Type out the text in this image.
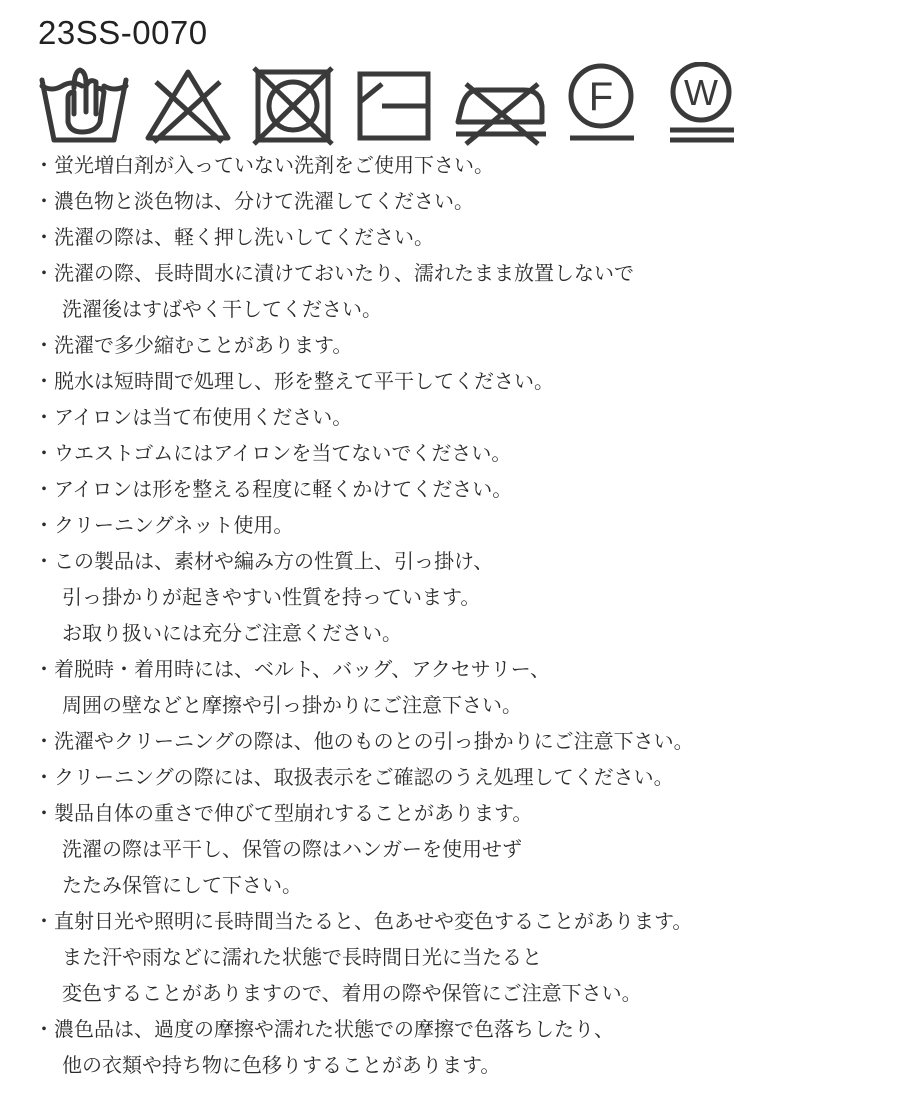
23SS-0070
F W
・蛍光増白剤が入っていない洗剤をご使用下さい。
・濃色物と淡色物は、分けて洗濯してください。
・洗濯の際は、軽く押し洗いしてください。
・洗濯の際、長時間水に漬けておいたり、濡れたまま放置しないで
洗濯後はすばやく干してください。
・洗濯で多少縮むことがあります。
・脱水は短時間で処理し、形を整えて平干してください。
・アイロンは当て布使用ください。
・ウエストゴムにはアイロンを当てないでください。
・アイロンは形を整える程度に軽くかけてください。
・クリーニングネット使用。
・この製品は、素材や編み方の性質上、引っ掛け、
引っ掛かりが起きやすい性質を持っています。
お取り扱いには充分ご注意ください。
・着脱時・着用時には、ベルト、バッグ、アクセサリー、
周囲の壁などと摩擦や引っ掛かりにご注意下さい。
・洗濯やクリーニングの際は、他のものとの引っ掛かりにご注意下さい。
・クリーニングの際には、取扱表示をご確認のうえ処理してください。
・製品自体の重さで伸びて型崩れすることがあります。
洗濯の際は平干し、保管の際はハンガーを使用せず
たたみ保管にして下さい。
・直射日光や照明に長時間当たると、色あせや変色することがあります。
また汗や雨などに濡れた状態で長時間日光に当たると
変色することがありますので、着用の際や保管にご注意下さい。
・濃色品は、過度の摩擦や濡れた状態での摩擦で色落ちしたり、
他の衣類や持ち物に色移りすることがあります。
